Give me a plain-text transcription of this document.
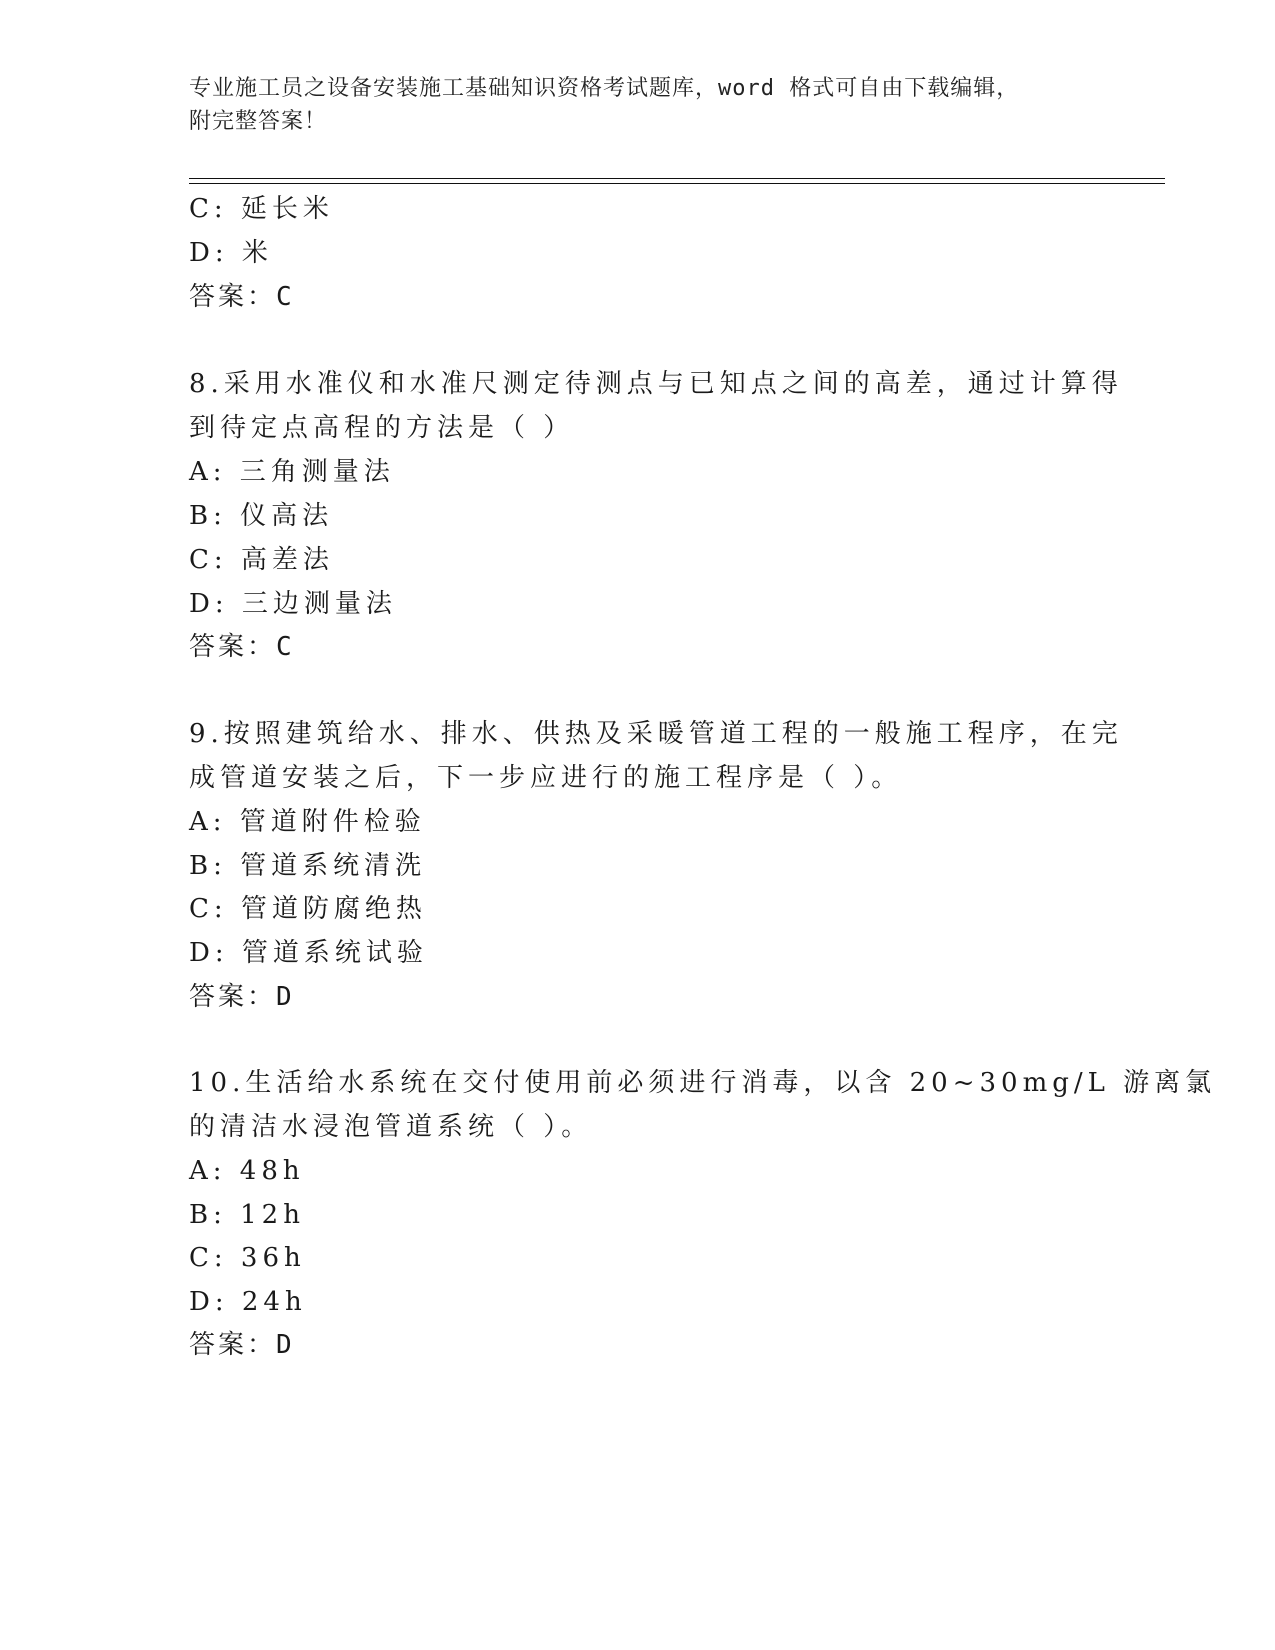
专业施工员之设备安装施工基础知识资格考试题库，word 格式可自由下载编辑，
附完整答案！
C: 延长米
D: 米
答案：C
8.采用水准仪和水准尺测定待测点与已知点之间的高差，通过计算得
到待定点高程的方法是（ ）
A: 三角测量法
B: 仪高法
C: 高差法
D: 三边测量法
答案：C
9.按照建筑给水、排水、供热及采暖管道工程的一般施工程序，在完
成管道安装之后，下一步应进行的施工程序是（ ）。
A: 管道附件检验
B: 管道系统清洗
C: 管道防腐绝热
D: 管道系统试验
答案：D
10.生活给水系统在交付使用前必须进行消毒，以含 20~30mg/L 游离氯
的清洁水浸泡管道系统（ ）。
A: 48h
B: 12h
C: 36h
D: 24h
答案：D
